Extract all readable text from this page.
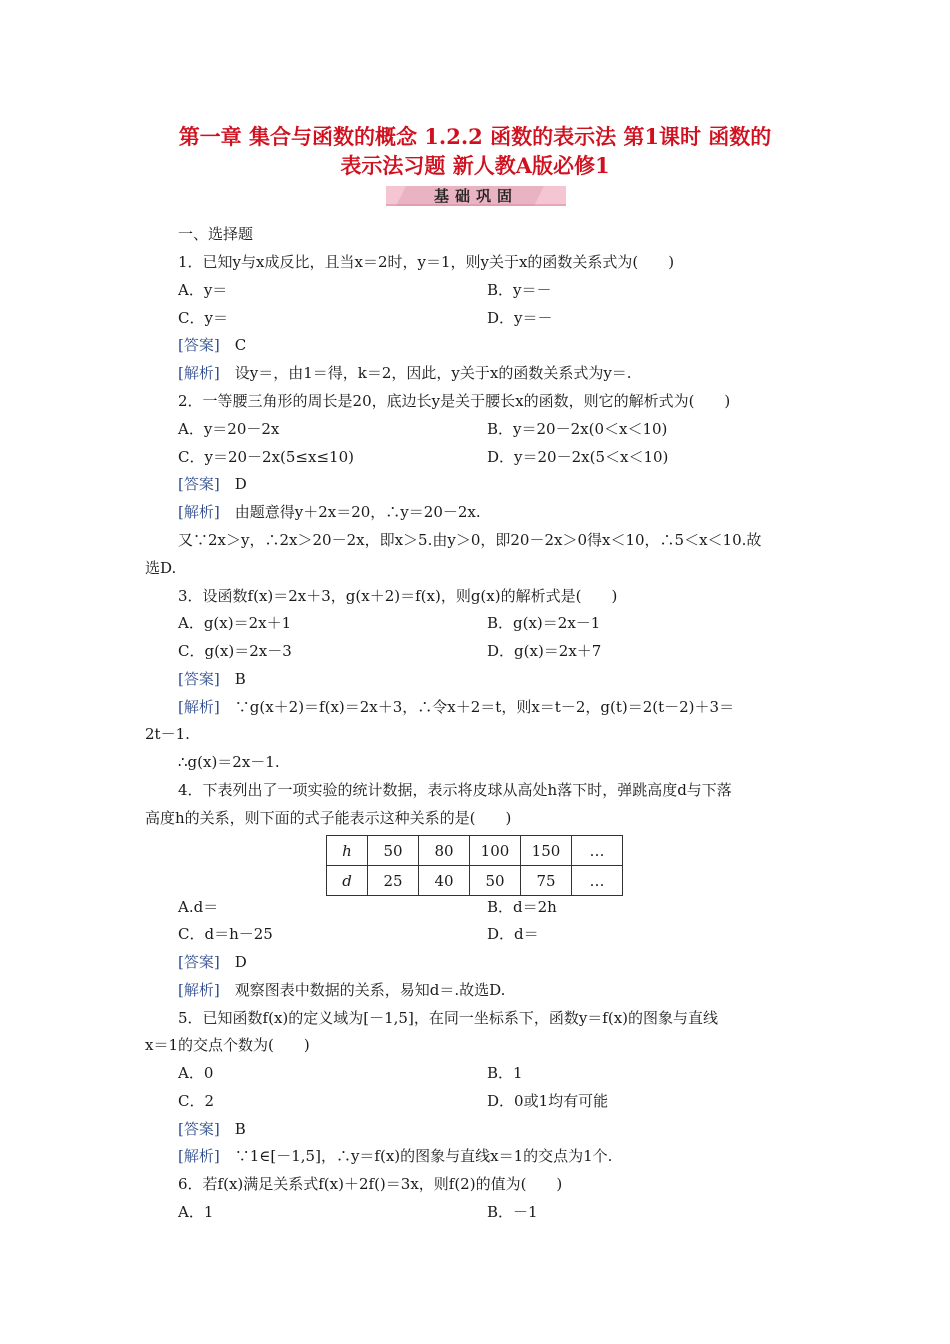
第一章 集合与函数的概念 1.2.2 函数的表示法 第1课时 函数的
表示法习题 新人教A版必修1
基础巩固
一、选择题
1．已知y与x成反比，且当x＝2时，y＝1，则y关于x的函数关系式为(　　)
A．y＝	B．y＝－
C．y＝	D．y＝－
[答案]　 C
[解析]　 设y＝，由1＝得，k＝2，因此，y关于x的函数关系式为y＝.
2．一等腰三角形的周长是20，底边长y是关于腰长x的函数，则它的解析式为(　　)
A．y＝20－2x	B．y＝20－2x(0＜x＜10)
C．y＝20－2x(5≤x≤10)	D．y＝20－2x(5＜x＜10)
[答案]　 D
[解析]　 由题意得y＋2x＝20，∴y＝20－2x.
又∵2x＞y，∴2x＞20－2x，即x＞5.由y＞0，即20－2x＞0得x＜10，∴5＜x＜10.故
选D.
3．设函数f(x)＝2x＋3，g(x＋2)＝f(x)，则g(x)的解析式是(　　)
A．g(x)＝2x＋1	B．g(x)＝2x－1
C．g(x)＝2x－3	D．g(x)＝2x＋7
[答案]　 B
[解析]　 ∵g(x＋2)＝f(x)＝2x＋3，∴令x＋2＝t，则x＝t－2，g(t)＝2(t－2)＋3＝
2t－1.
∴g(x)＝2x－1.
4．下表列出了一项实验的统计数据，表示将皮球从高处h落下时，弹跳高度d与下落
高度h的关系，则下面的式子能表示这种关系的是(　　)
h	50	80	100	150	…
d	25	40	50	75	…
A.d＝	B．d＝2h
C．d＝h－25	D．d＝
[答案]　 D
[解析]　 观察图表中数据的关系，易知d＝.故选D.
5．已知函数f(x)的定义域为[－1,5]，在同一坐标系下，函数y＝f(x)的图象与直线
x＝1的交点个数为(　　)
A．0	B．1
C．2	D．0或1均有可能
[答案]　 B
[解析]　 ∵1∈[－1,5]，∴y＝f(x)的图象与直线x＝1的交点为1个.
6．若f(x)满足关系式f(x)＋2f()＝3x，则f(2)的值为(　　)
A．1	B．－1
